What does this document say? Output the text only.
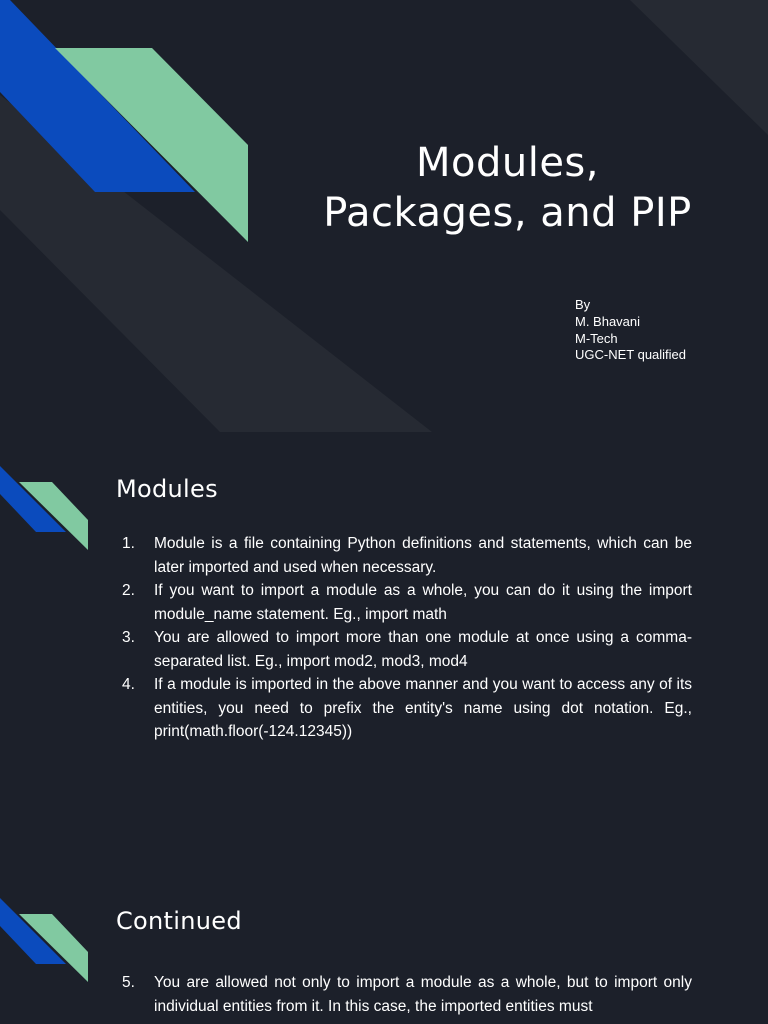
Modules,
Packages, and PIP
By
M. Bhavani
M-Tech
UGC-NET qualified
Modules
1. Module is a file containing Python definitions and statements, which can be later imported and used when necessary.
2. If you want to import a module as a whole, you can do it using the import module_name statement. Eg., import math
3. You are allowed to import more than one module at once using a comma-separated list. Eg., import mod2, mod3, mod4
4. If a module is imported in the above manner and you want to access any of its entities, you need to prefix the entity's name using dot notation. Eg., print(math.floor(-124.12345))
Continued
5. You are allowed not only to import a module as a whole, but to import only individual entities from it. In this case, the imported entities must
